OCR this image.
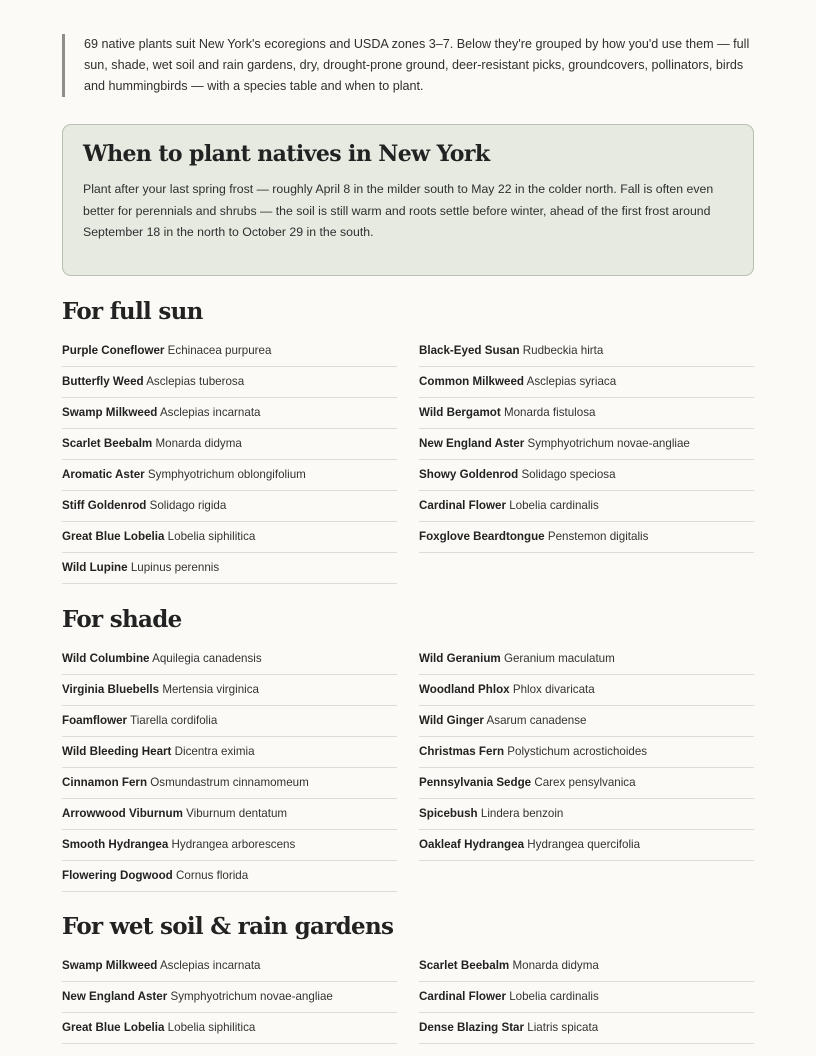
69 native plants suit New York's ecoregions and USDA zones 3–7. Below they're grouped by how you'd use them — full sun, shade, wet soil and rain gardens, dry, drought-prone ground, deer-resistant picks, groundcovers, pollinators, birds and hummingbirds — with a species table and when to plant.
When to plant natives in New York

Plant after your last spring frost — roughly April 8 in the milder south to May 22 in the colder north. Fall is often even better for perennials and shrubs — the soil is still warm and roots settle before winter, ahead of the first frost around September 18 in the north to October 29 in the south.

For full sun
Purple Coneflower Echinacea purpurea	Black-Eyed Susan Rudbeckia hirta
Butterfly Weed Asclepias tuberosa	Common Milkweed Asclepias syriaca
Swamp Milkweed Asclepias incarnata	Wild Bergamot Monarda fistulosa
Scarlet Beebalm Monarda didyma	New England Aster Symphyotrichum novae-angliae
Aromatic Aster Symphyotrichum oblongifolium	Showy Goldenrod Solidago speciosa
Stiff Goldenrod Solidago rigida	Cardinal Flower Lobelia cardinalis
Great Blue Lobelia Lobelia siphilitica	Foxglove Beardtongue Penstemon digitalis
Wild Lupine Lupinus perennis
For shade
Wild Columbine Aquilegia canadensis	Wild Geranium Geranium maculatum
Virginia Bluebells Mertensia virginica	Woodland Phlox Phlox divaricata
Foamflower Tiarella cordifolia	Wild Ginger Asarum canadense
Wild Bleeding Heart Dicentra eximia	Christmas Fern Polystichum acrostichoides
Cinnamon Fern Osmundastrum cinnamomeum	Pennsylvania Sedge Carex pensylvanica
Arrowwood Viburnum Viburnum dentatum	Spicebush Lindera benzoin
Smooth Hydrangea Hydrangea arborescens	Oakleaf Hydrangea Hydrangea quercifolia
Flowering Dogwood Cornus florida
For wet soil & rain gardens
Swamp Milkweed Asclepias incarnata	Scarlet Beebalm Monarda didyma
New England Aster Symphyotrichum novae-angliae	Cardinal Flower Lobelia cardinalis
Great Blue Lobelia Lobelia siphilitica	Dense Blazing Star Liatris spicata
